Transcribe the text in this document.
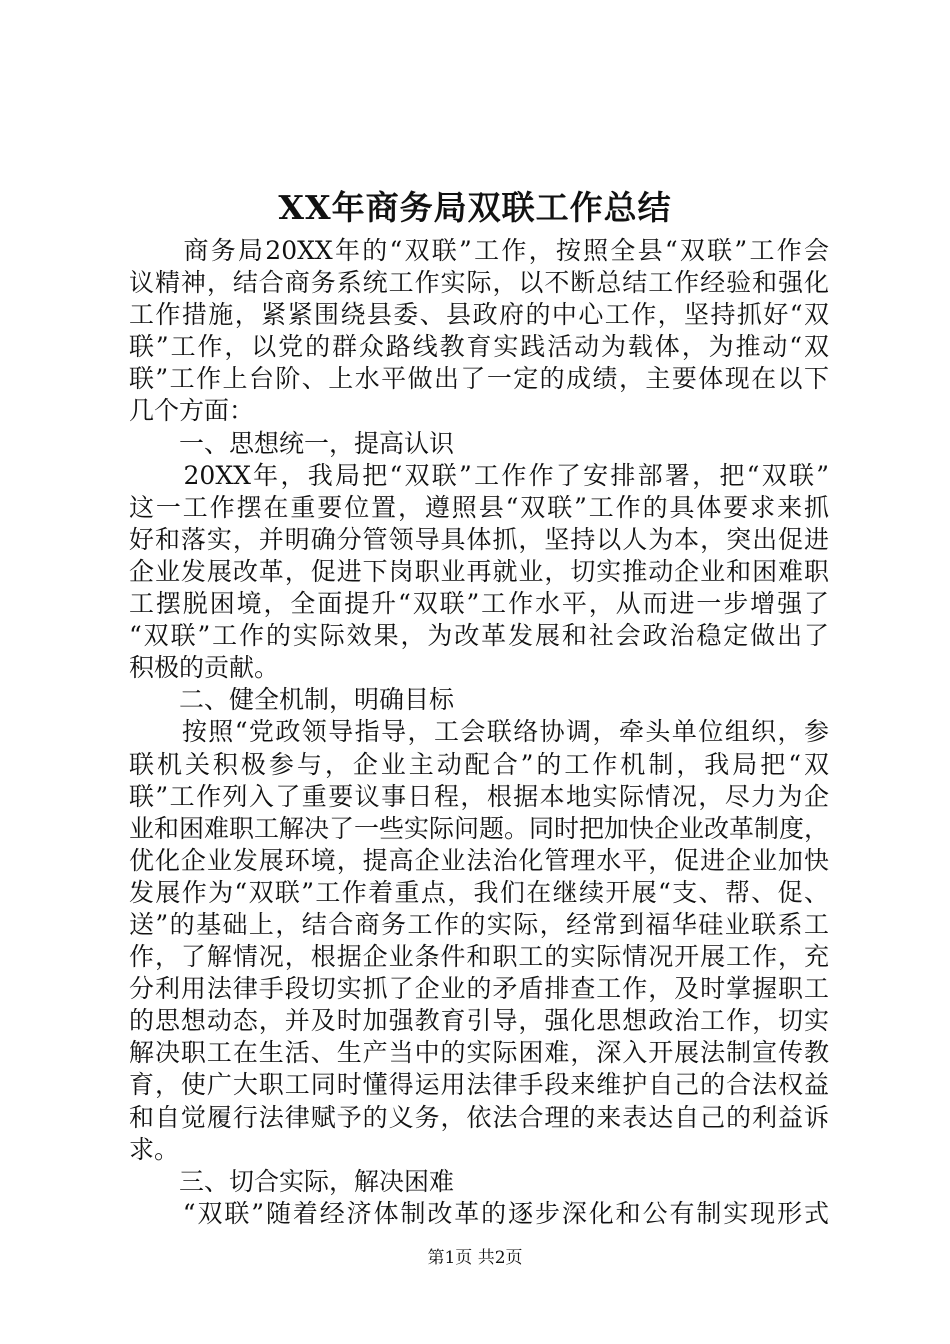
XX年商务局双联工作总结
　　商务局20XX年的“双联”工作，按照全县“双联”工作会
议精神，结合商务系统工作实际，以不断总结工作经验和强化
工作措施，紧紧围绕县委、县政府的中心工作，坚持抓好“双
联”工作，以党的群众路线教育实践活动为载体，为推动“双
联”工作上台阶、上水平做出了一定的成绩，主要体现在以下
几个方面：
　　一、思想统一，提高认识
　　20XX年，我局把“双联”工作作了安排部署，把“双联”
这一工作摆在重要位置，遵照县“双联”工作的具体要求来抓
好和落实，并明确分管领导具体抓，坚持以人为本，突出促进
企业发展改革，促进下岗职业再就业，切实推动企业和困难职
工摆脱困境，全面提升“双联”工作水平，从而进一步增强了
“双联”工作的实际效果，为改革发展和社会政治稳定做出了
积极的贡献。
　　二、健全机制，明确目标
　　按照“党政领导指导，工会联络协调，牵头单位组织，参
联机关积极参与，企业主动配合”的工作机制，我局把“双
联”工作列入了重要议事日程，根据本地实际情况，尽力为企
业和困难职工解决了一些实际问题。同时把加快企业改革制度，
优化企业发展环境，提高企业法治化管理水平，促进企业加快
发展作为“双联”工作着重点，我们在继续开展“支、帮、促、
送”的基础上，结合商务工作的实际，经常到福华硅业联系工
作，了解情况，根据企业条件和职工的实际情况开展工作，充
分利用法律手段切实抓了企业的矛盾排查工作，及时掌握职工
的思想动态，并及时加强教育引导，强化思想政治工作，切实
解决职工在生活、生产当中的实际困难，深入开展法制宣传教
育，使广大职工同时懂得运用法律手段来维护自己的合法权益
和自觉履行法律赋予的义务，依法合理的来表达自己的利益诉
求。
　　三、切合实际，解决困难
　　“双联”随着经济体制改革的逐步深化和公有制实现形式
第1页 共2页
